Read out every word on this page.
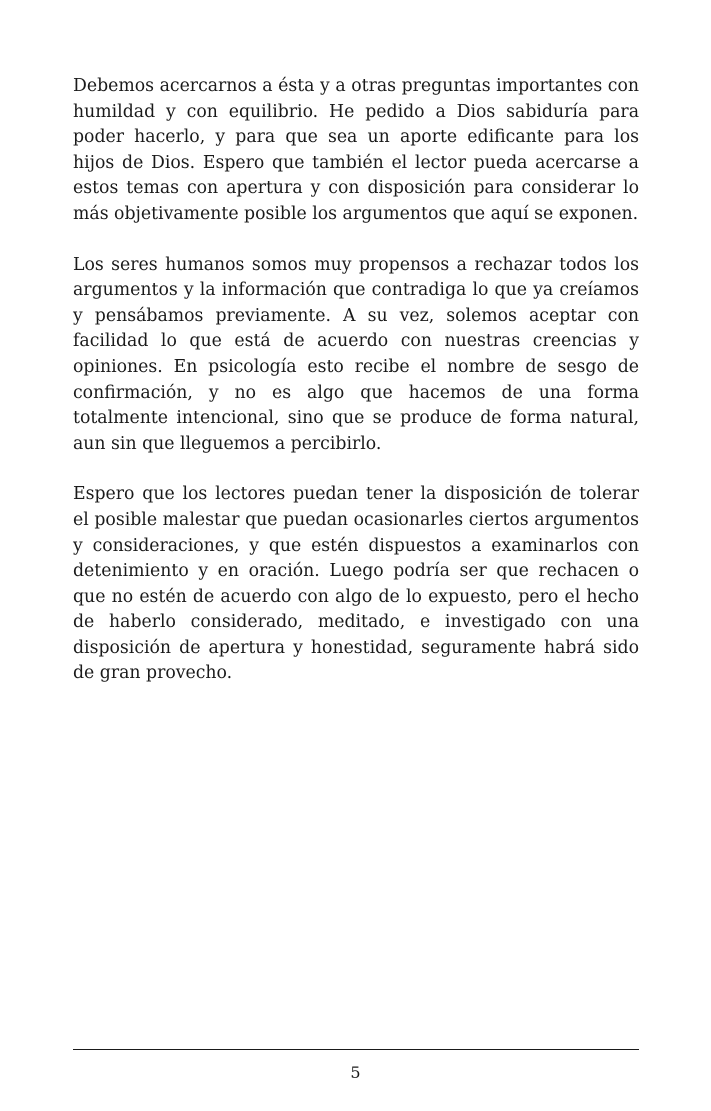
Debemos acercarnos a ésta y a otras preguntas importantes con humildad y con equilibrio. He pedido a Dios sabiduría para poder hacerlo, y para que sea un aporte edificante para los hijos de Dios. Espero que también el lector pueda acercarse a estos temas con apertura y con disposición para considerar lo más objetivamente posible los argumentos que aquí se exponen.

Los seres humanos somos muy propensos a rechazar todos los argumentos y la información que contradiga lo que ya creíamos y pensábamos previamente. A su vez, solemos aceptar con facilidad lo que está de acuerdo con nuestras creencias y opiniones. En psicología esto recibe el nombre de sesgo de confirmación, y no es algo que hacemos de una forma totalmente intencional, sino que se produce de forma natural, aun sin que lleguemos a percibirlo.

Espero que los lectores puedan tener la disposición de tolerar el posible malestar que puedan ocasionarles ciertos argumentos y consideraciones, y que estén dispuestos a examinarlos con detenimiento y en oración. Luego podría ser que rechacen o que no estén de acuerdo con algo de lo expuesto, pero el hecho de haberlo considerado, meditado, e investigado con una disposición de apertura y honestidad, seguramente habrá sido de gran provecho.

5
